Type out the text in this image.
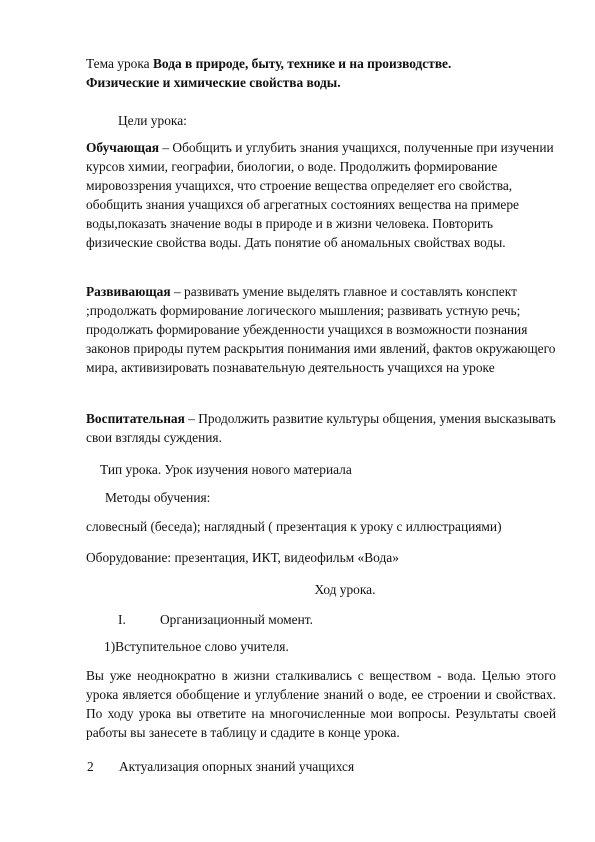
Тема урока Вода в природе, быту, технике и на производстве.
Физические и химические свойства воды.

Цели урока:

Обучающая – Обобщить и углубить знания учащихся, полученные при изучении курсов химии, географии, биологии, о воде. Продолжить формирование мировоззрения учащихся, что строение вещества определяет его свойства, обобщить знания учащихся об агрегатных состояниях вещества на примере воды,показать значение воды в природе и в жизни человека. Повторить физические свойства воды. Дать понятие об аномальных свойствах воды.

Развивающая – развивать умение выделять главное и составлять конспект ;продолжать формирование логического мышления; развивать устную речь; продолжать формирование убежденности учащихся в возможности познания законов природы путем раскрытия понимания ими явлений, фактов окружающего мира, активизировать познавательную деятельность учащихся на уроке

Воспитательная – Продолжить развитие культуры общения, умения высказывать свои взгляды суждения.

Тип урока. Урок изучения нового материала

Методы обучения:

словесный (беседа); наглядный ( презентация к уроку с иллюстрациями)

Оборудование: презентация, ИКТ, видеофильм «Вода»

Ход урока.

I.	Организационный момент.

1)Вступительное слово учителя.

Вы уже неоднократно в жизни сталкивались с веществом - вода. Целью этого урока является обобщение и углубление знаний о воде, ее строении и свойствах. По ходу урока вы ответите на многочисленные мои вопросы. Результаты своей работы вы занесете в таблицу и сдадите в конце урока.

2 Актуализация опорных знаний учащихся
